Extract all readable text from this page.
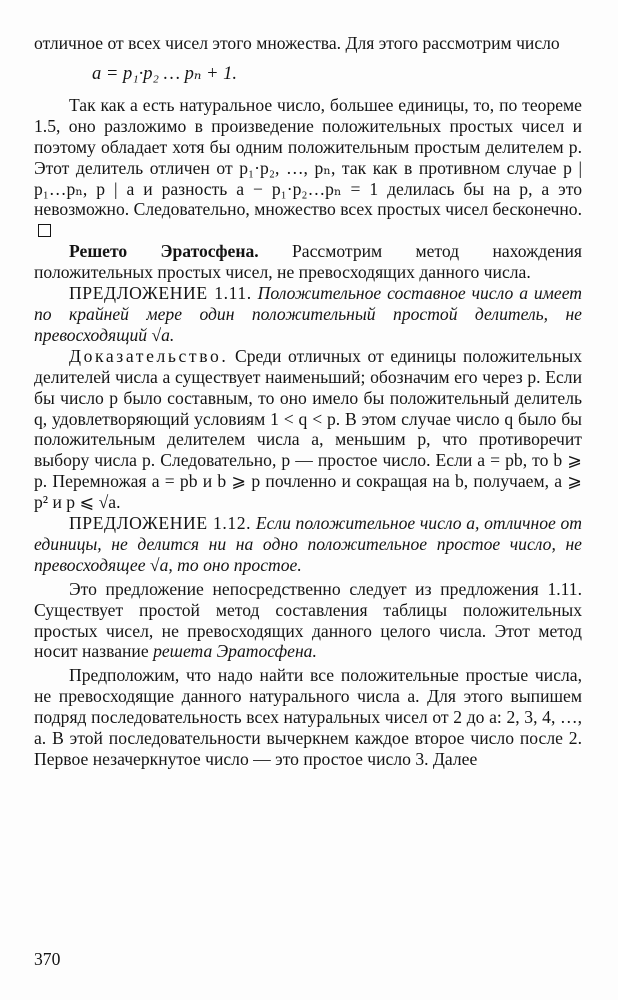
отличное от всех чисел этого множества. Для этого рассмотрим число

a = p₁·p₂ … pₙ + 1.

Так как a есть натуральное число, большее единицы, то, по теореме 1.5, оно разложимо в произведение положительных простых чисел и поэтому обладает хотя бы одним положительным простым делителем p. Этот делитель отличен от p₁·p₂, …, pₙ, так как в противном случае p | p₁…pₙ, p | a и разность a − p₁·p₂…pₙ = 1 делилась бы на p, а это невозможно. Следовательно, множество всех простых чисел бесконечно.

Решето Эратосфена. Рассмотрим метод нахождения положительных простых чисел, не превосходящих данного числа.

ПРЕДЛОЖЕНИЕ 1.11. Положительное составное число a имеет по крайней мере один положительный простой делитель, не превосходящий √a.

Доказательство. Среди отличных от единицы положительных делителей числа a существует наименьший; обозначим его через p. Если бы число p было составным, то оно имело бы положительный делитель q, удовлетворяющий условиям 1 < q < p. В этом случае число q было бы положительным делителем числа a, меньшим p, что противоречит выбору числа p. Следовательно, p — простое число. Если a = pb, то b ⩾ p. Перемножая a = pb и b ⩾ p почленно и сокращая на b, получаем, a ⩾ p² и p ⩽ √a.

ПРЕДЛОЖЕНИЕ 1.12. Если положительное число a, отличное от единицы, не делится ни на одно положительное простое число, не превосходящее √a, то оно простое.

Это предложение непосредственно следует из предложения 1.11. Существует простой метод составления таблицы положительных простых чисел, не превосходящих данного целого числа. Этот метод носит название решета Эратосфена.

Предположим, что надо найти все положительные простые числа, не превосходящие данного натурального числа a. Для этого выпишем подряд последовательность всех натуральных чисел от 2 до a: 2, 3, 4, …, a. В этой последовательности вычеркнем каждое второе число после 2. Первое незачеркнутое число — это простое число 3. Далее

370
